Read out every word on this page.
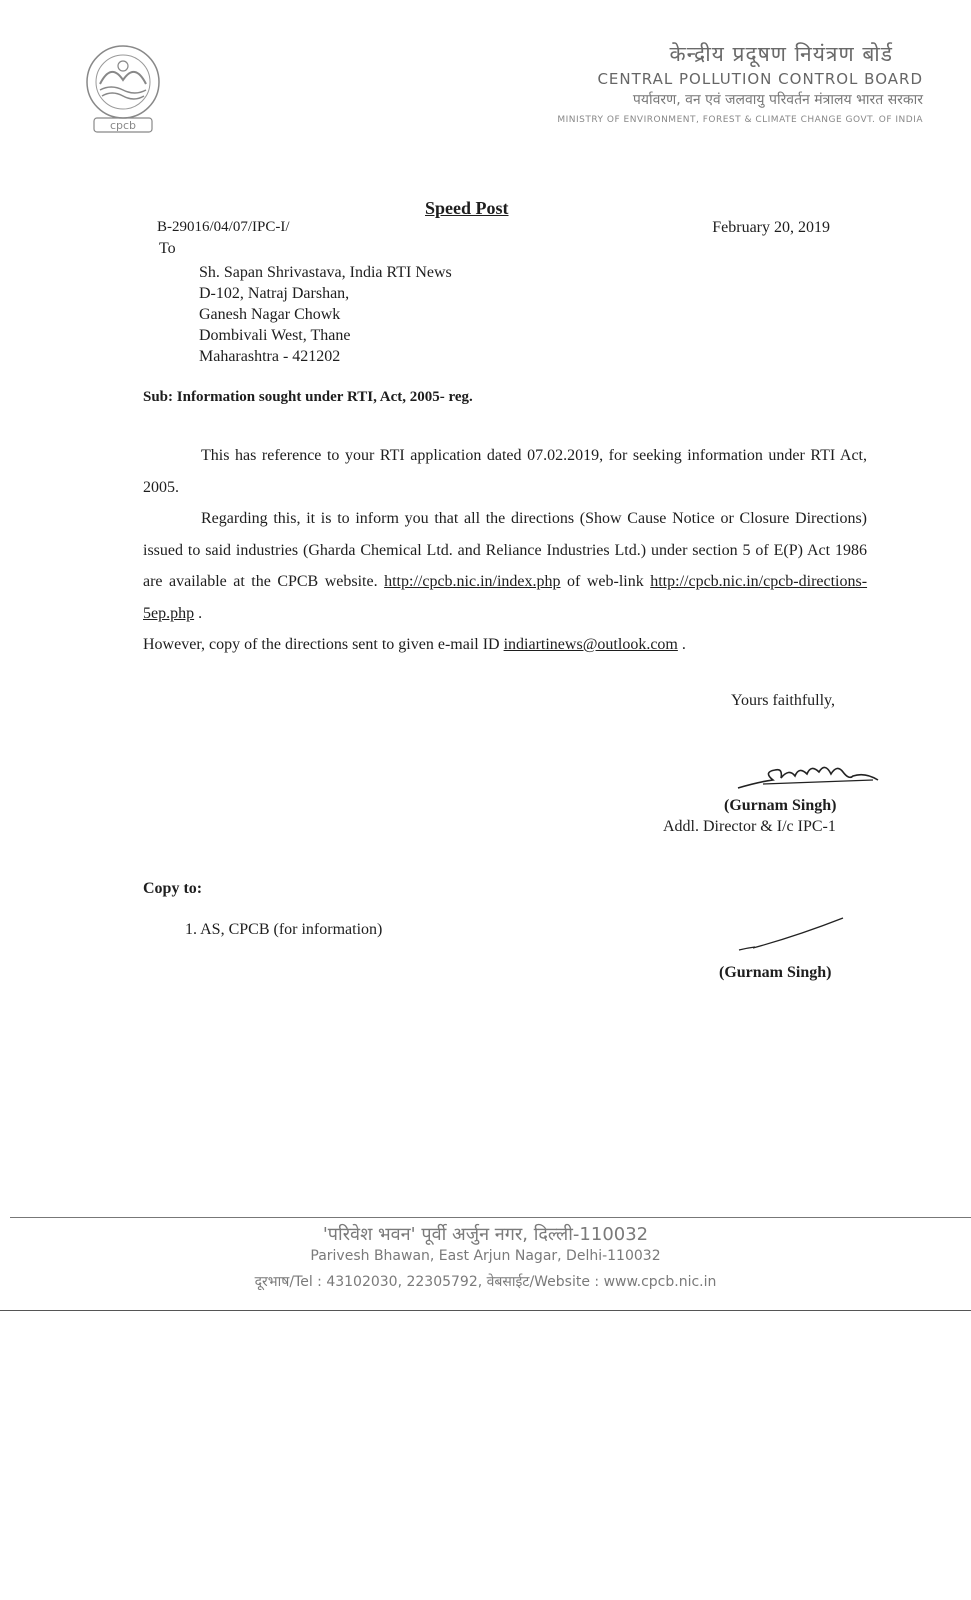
cpcb
केन्द्रीय प्रदूषण नियंत्रण बोर्ड
CENTRAL POLLUTION CONTROL BOARD
पर्यावरण, वन एवं जलवायु परिवर्तन मंत्रालय भारत सरकार
MINISTRY OF ENVIRONMENT, FOREST & CLIMATE CHANGE GOVT. OF INDIA
Speed Post
B-29016/04/07/IPC-I/	February 20, 2019
To
Sh. Sapan Shrivastava, India RTI News
D-102, Natraj Darshan,
Ganesh Nagar Chowk
Dombivali West, Thane
Maharashtra - 421202
Sub: Information sought under RTI, Act, 2005- reg.

This has reference to your RTI application dated 07.02.2019, for seeking information under RTI Act, 2005.

Regarding this, it is to inform you that all the directions (Show Cause Notice or Closure Directions) issued to said industries (Gharda Chemical Ltd. and Reliance Industries Ltd.) under section 5 of E(P) Act 1986 are available at the CPCB website. http://cpcb.nic.in/index.php of web-link http://cpcb.nic.in/cpcb-directions-5ep.php .

However, copy of the directions sent to given e-mail ID indiartinews@outlook.com .

Yours faithfully,
(Gurnam Singh)
Addl. Director & I/c IPC-1
Copy to:
1. AS, CPCB (for information)
(Gurnam Singh)
'परिवेश भवन' पूर्वी अर्जुन नगर, दिल्ली-110032
Parivesh Bhawan, East Arjun Nagar, Delhi-110032
दूरभाष/Tel : 43102030, 22305792, वेबसाईट/Website : www.cpcb.nic.in
